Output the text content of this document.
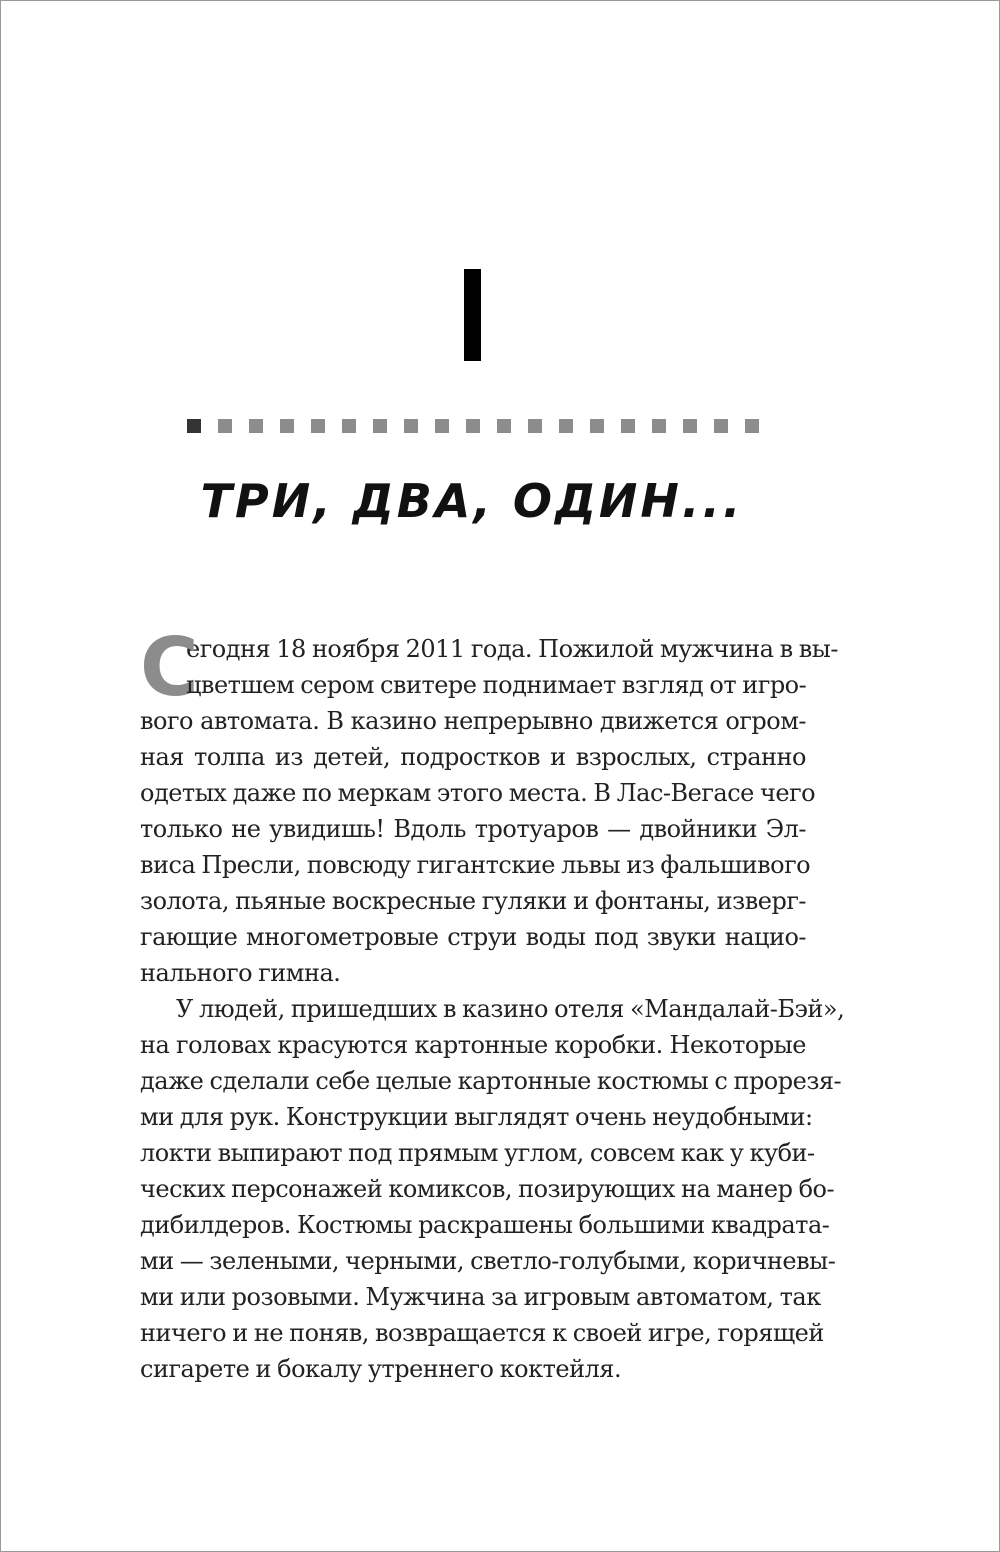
ТРИ, ДВА, ОДИН...
С
егодня 18 ноября 2011 года. Пожилой мужчина в вы-
цветшем сером свитере поднимает взгляд от игро-
вого автомата. В казино непрерывно движется огром-
ная толпа из детей, подростков и взрослых, странно
одетых даже по меркам этого места. В Лас-Вегасе чего
только не увидишь! Вдоль тротуаров — двойники Эл-
виса Пресли, повсюду гигантские львы из фальшивого
золота, пьяные воскресные гуляки и фонтаны, изверг-
гающие многометровые струи воды под звуки нацио-
нального гимна.
У людей, пришедших в казино отеля «Мандалай-Бэй»,
на головах красуются картонные коробки. Некоторые
даже сделали себе целые картонные костюмы с прорезя-
ми для рук. Конструкции выглядят очень неудобными:
локти выпирают под прямым углом, совсем как у куби-
ческих персонажей комиксов, позирующих на манер бо-
дибилдеров. Костюмы раскрашены большими квадрата-
ми — зелеными, черными, светло-голубыми, коричневы-
ми или розовыми. Мужчина за игровым автоматом, так
ничего и не поняв, возвращается к своей игре, горящей
сигарете и бокалу утреннего коктейля.
